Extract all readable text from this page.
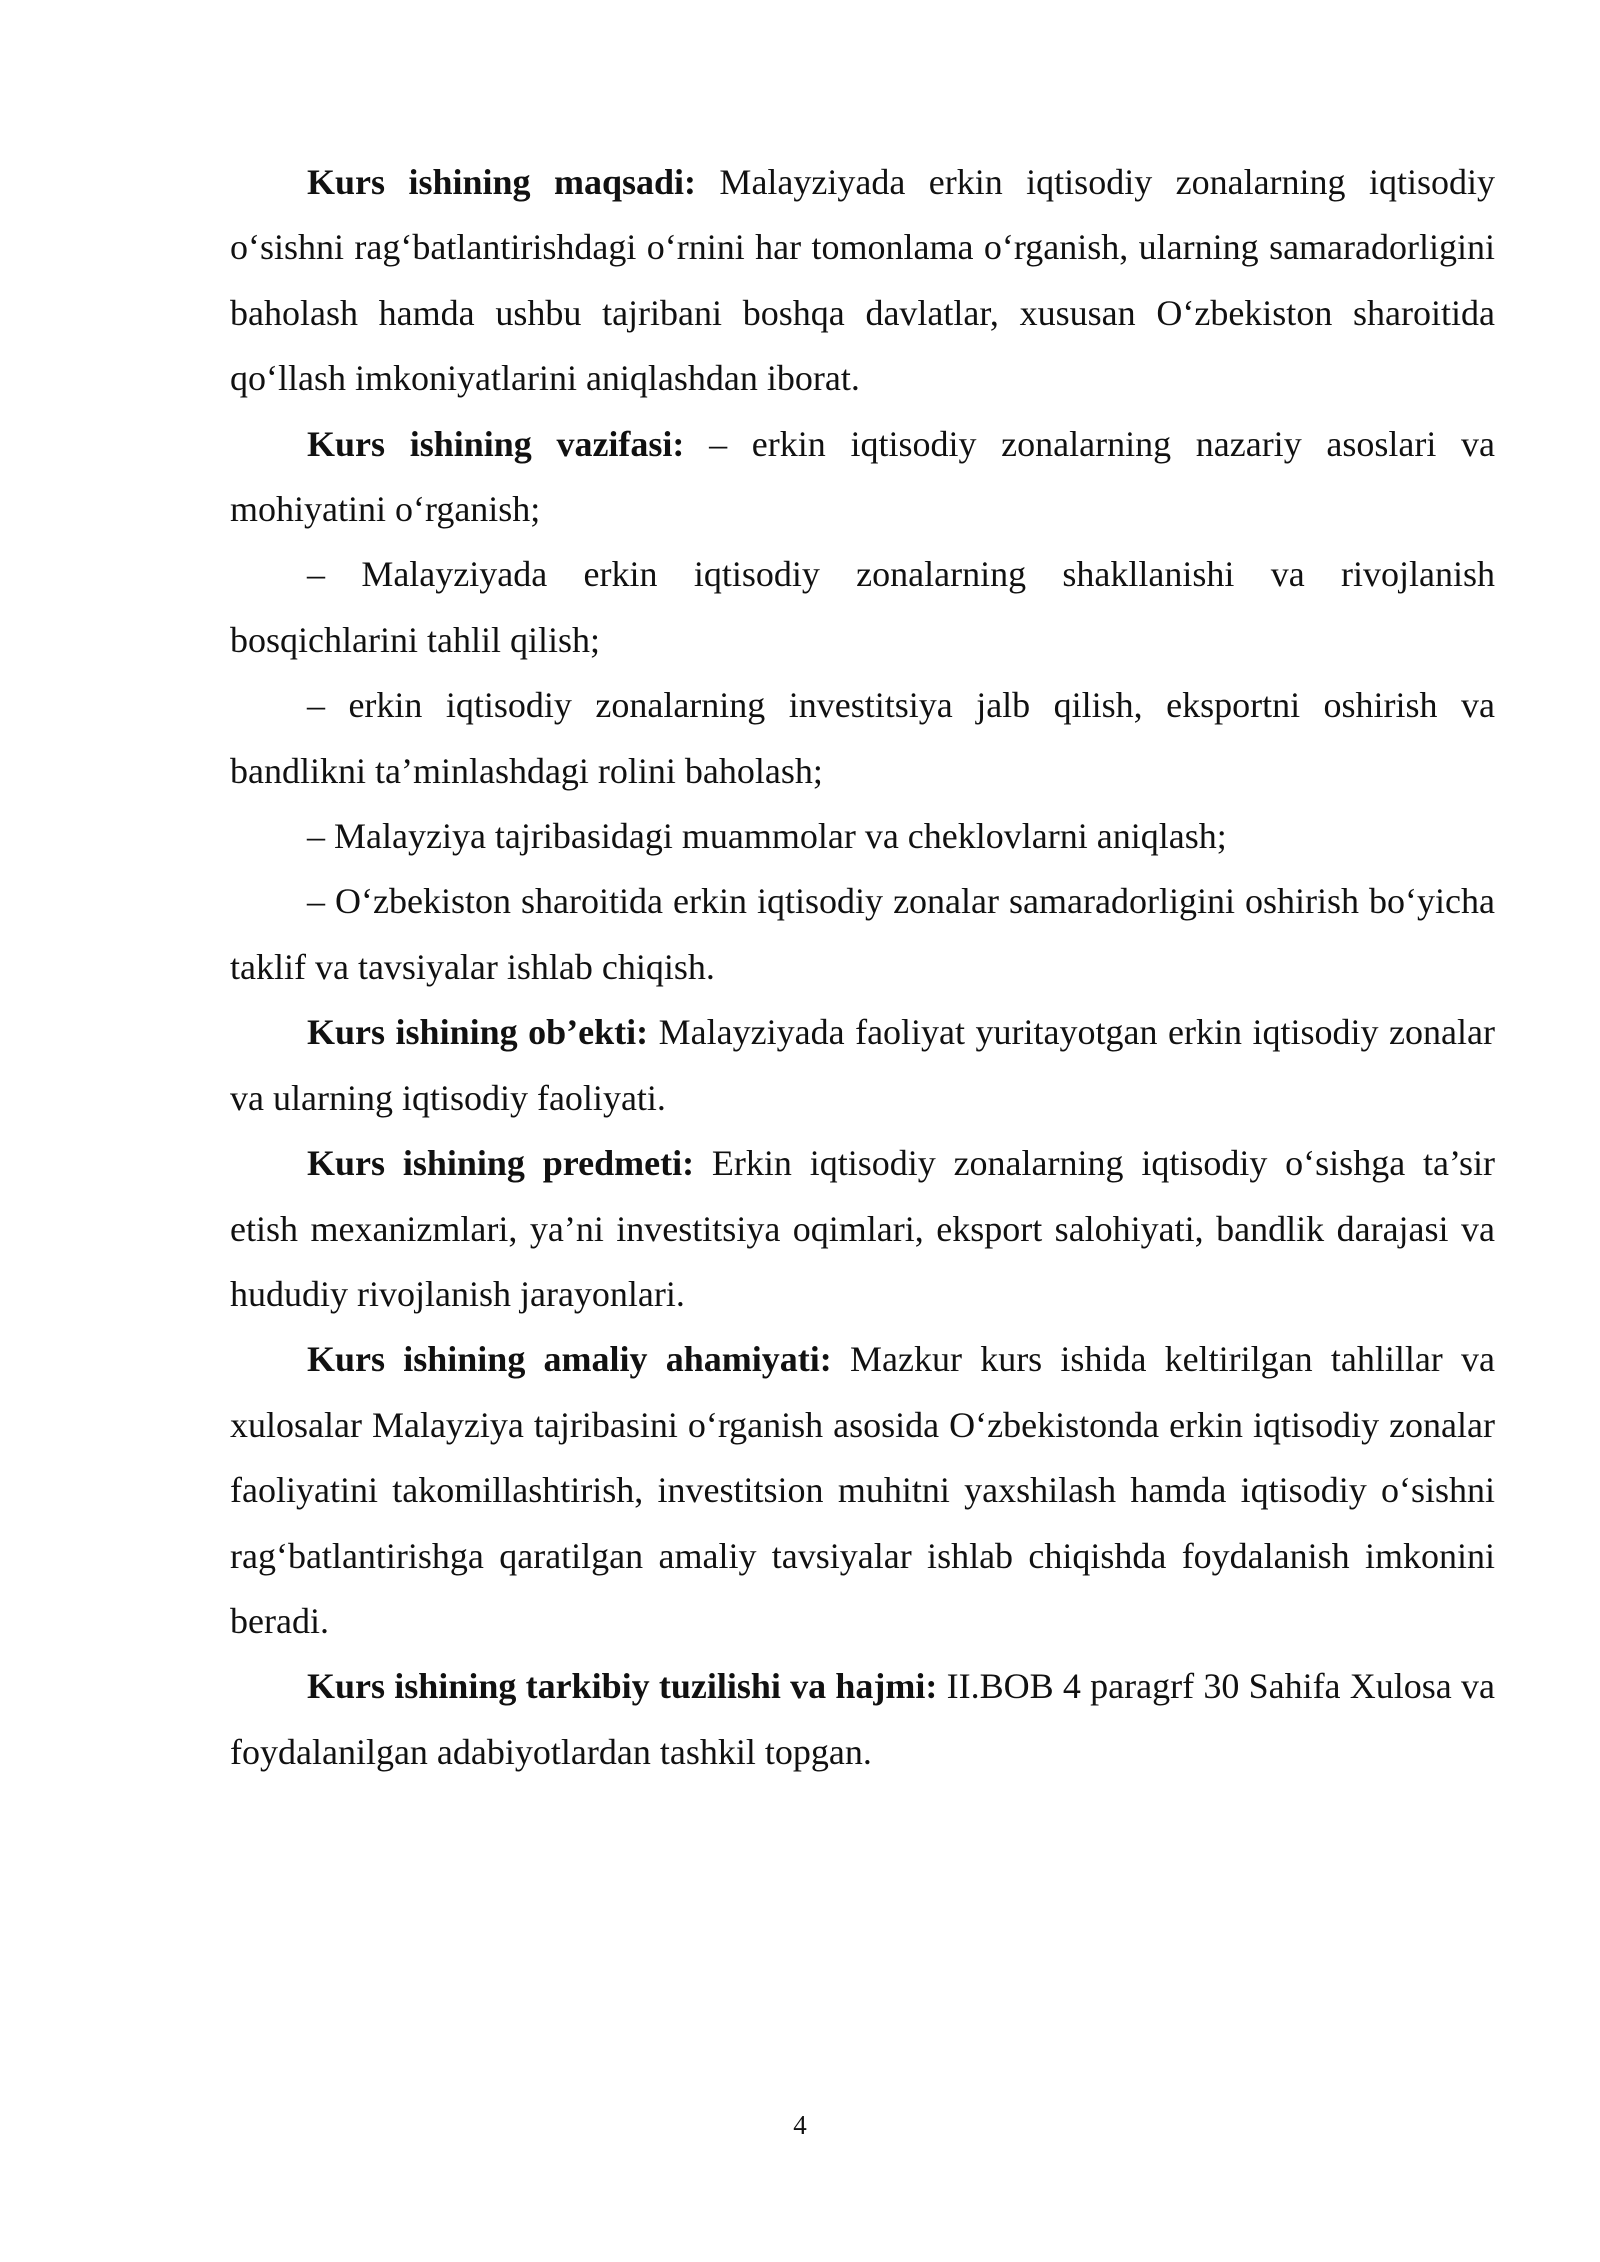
Kurs ishining maqsadi: Malayziyada erkin iqtisodiy zonalarning iqtisodiy o‘sishni rag‘batlantirishdagi o‘rnini har tomonlama o‘rganish, ularning samaradorligini baholash hamda ushbu tajribani boshqa davlatlar, xususan O‘zbekiston sharoitida qo‘llash imkoniyatlarini aniqlashdan iborat.

Kurs ishining vazifasi: – erkin iqtisodiy zonalarning nazariy asoslari va mohiyatini o‘rganish;

– Malayziyada erkin iqtisodiy zonalarning shakllanishi va rivojlanish bosqichlarini tahlil qilish;

– erkin iqtisodiy zonalarning investitsiya jalb qilish, eksportni oshirish va bandlikni ta’minlashdagi rolini baholash;

– Malayziya tajribasidagi muammolar va cheklovlarni aniqlash;

– O‘zbekiston sharoitida erkin iqtisodiy zonalar samaradorligini oshirish bo‘yicha taklif va tavsiyalar ishlab chiqish.

Kurs ishining ob’ekti: Malayziyada faoliyat yuritayotgan erkin iqtisodiy zonalar va ularning iqtisodiy faoliyati.

Kurs ishining predmeti: Erkin iqtisodiy zonalarning iqtisodiy o‘sishga ta’sir etish mexanizmlari, ya’ni investitsiya oqimlari, eksport salohiyati, bandlik darajasi va hududiy rivojlanish jarayonlari.

Kurs ishining amaliy ahamiyati: Mazkur kurs ishida keltirilgan tahlillar va xulosalar Malayziya tajribasini o‘rganish asosida O‘zbekistonda erkin iqtisodiy zonalar faoliyatini takomillashtirish, investitsion muhitni yaxshilash hamda iqtisodiy o‘sishni rag‘batlantirishga qaratilgan amaliy tavsiyalar ishlab chiqishda foydalanish imkonini beradi.

Kurs ishining tarkibiy tuzilishi va hajmi: II.BOB 4 paragrf 30 Sahifa Xulosa va foydalanilgan adabiyotlardan tashkil topgan.

4
